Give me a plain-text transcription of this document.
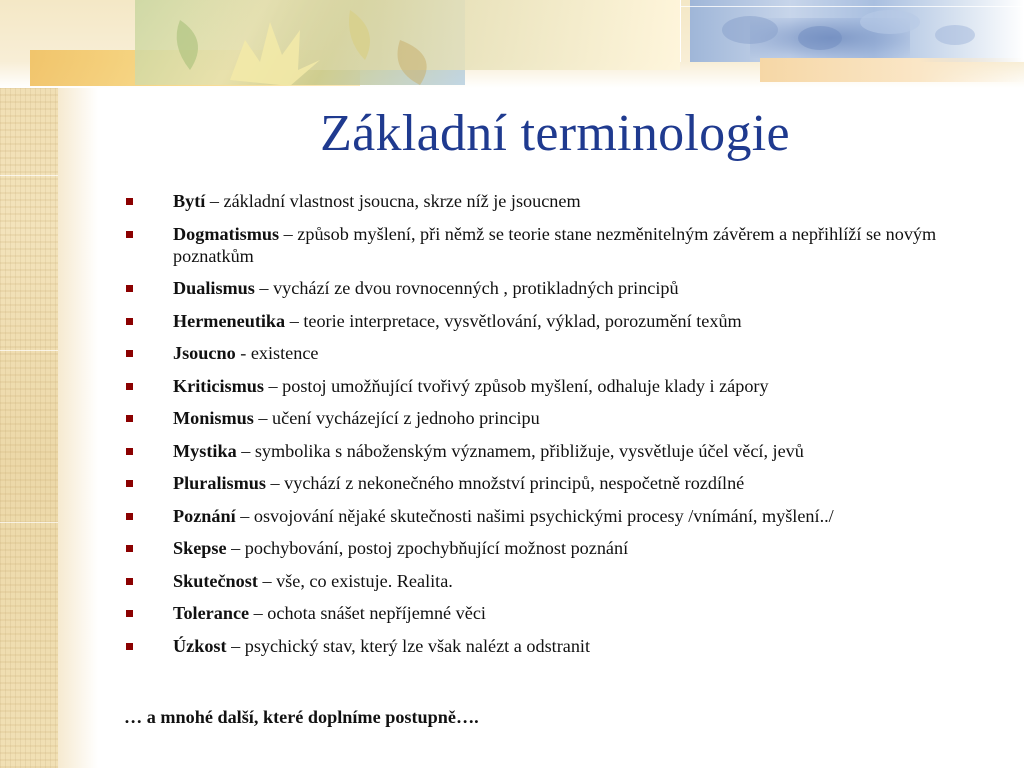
Základní terminologie
Bytí – základní vlastnost jsoucna, skrze níž je jsoucnem
Dogmatismus – způsob myšlení, při němž se teorie stane nezměnitelným závěrem a nepřihlíží se novým poznatkům
Dualismus – vychází ze dvou rovnocenných , protikladných principů
Hermeneutika – teorie interpretace, vysvětlování, výklad, porozumění texům
Jsoucno - existence
Kriticismus – postoj umožňující tvořivý způsob myšlení, odhaluje klady i zápory
Monismus – učení vycházející z jednoho principu
Mystika – symbolika s náboženským významem, přibližuje, vysvětluje účel věcí, jevů
Pluralismus – vychází z nekonečného množství principů, nespočetně rozdílné
Poznání – osvojování nějaké skutečnosti našimi psychickými procesy /vnímání, myšlení../
Skepse – pochybování, postoj zpochybňující možnost poznání
Skutečnost – vše, co existuje. Realita.
Tolerance – ochota snášet nepříjemné věci
Úzkost – psychický stav, který lze však nalézt a odstranit

… a mnohé další, které doplníme postupně….
